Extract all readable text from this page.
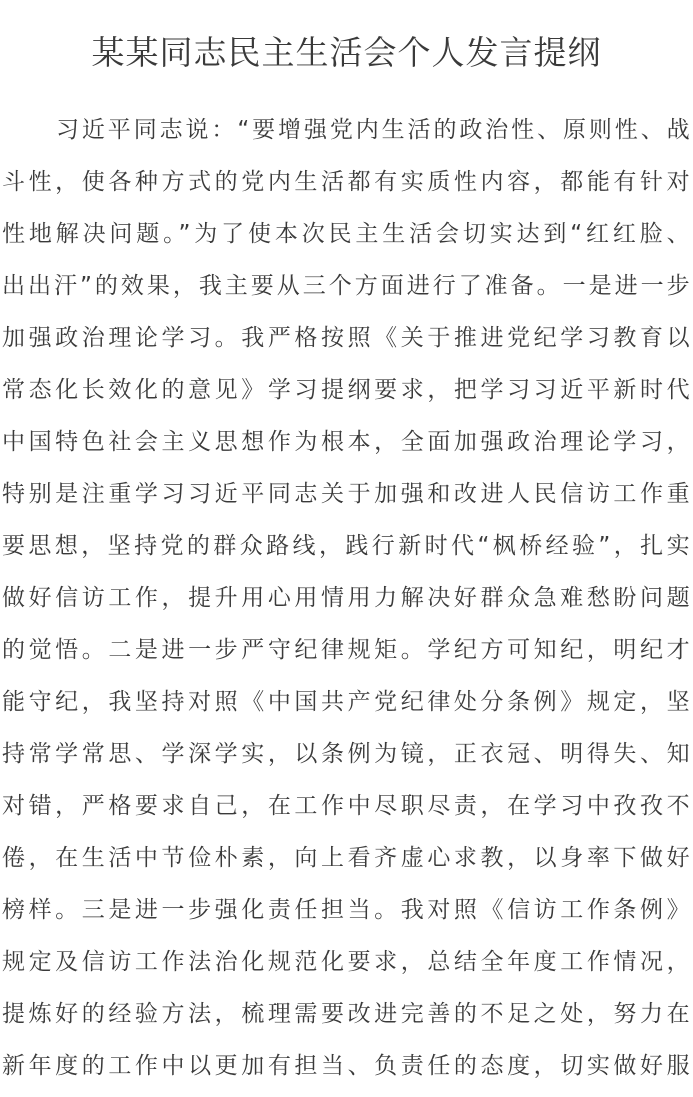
某某同志民主生活会个人发言提纲
习近平同志说：“要增强党内生活的政治性、原则性、战
斗性，使各种方式的党内生活都有实质性内容，都能有针对
性地解决问题。”为了使本次民主生活会切实达到“红红脸、
出出汗”的效果，我主要从三个方面进行了准备。一是进一步
加强政治理论学习。我严格按照《关于推进党纪学习教育以
常态化长效化的意见》学习提纲要求，把学习习近平新时代
中国特色社会主义思想作为根本，全面加强政治理论学习，
特别是注重学习习近平同志关于加强和改进人民信访工作重
要思想，坚持党的群众路线，践行新时代“枫桥经验”，扎实
做好信访工作，提升用心用情用力解决好群众急难愁盼问题
的觉悟。二是进一步严守纪律规矩。学纪方可知纪，明纪才
能守纪，我坚持对照《中国共产党纪律处分条例》规定，坚
持常学常思、学深学实，以条例为镜，正衣冠、明得失、知
对错，严格要求自己，在工作中尽职尽责，在学习中孜孜不
倦，在生活中节俭朴素，向上看齐虚心求教，以身率下做好
榜样。三是进一步强化责任担当。我对照《信访工作条例》
规定及信访工作法治化规范化要求，总结全年度工作情况，
提炼好的经验方法，梳理需要改进完善的不足之处，努力在
新年度的工作中以更加有担当、负责任的态度，切实做好服
